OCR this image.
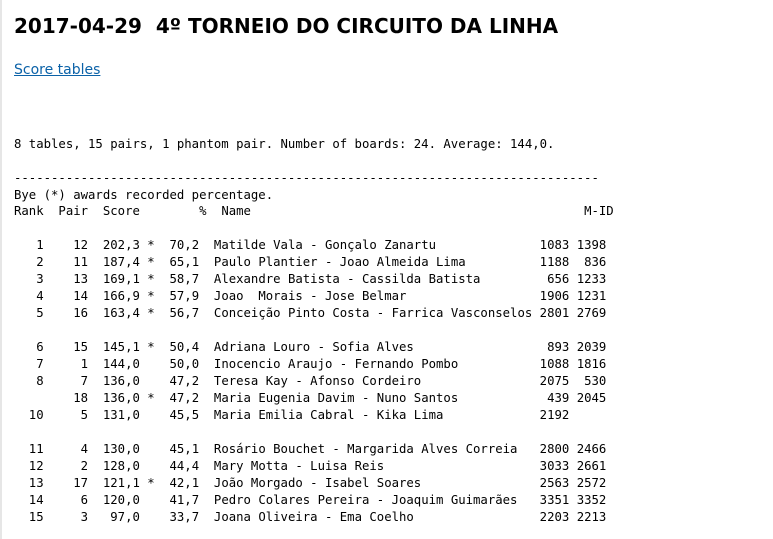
2017-04-29  4º TORNEIO DO CIRCUITO DA LINHA
Score tables

8 tables, 15 pairs, 1 phantom pair. Number of boards: 24. Average: 144,0.

Bye (*) awards recorded percentage.

-------------------------------------------------------------------------------
Rank  Pair  Score        %  Name                                             M-ID
1    12  202,3 *  70,2  Matilde Vala - Gonçalo Zanartu              1083 1398
2    11  187,4 *  65,1  Paulo Plantier - Joao Almeida Lima          1188  836
3    13  169,1 *  58,7  Alexandre Batista - Cassilda Batista         656 1233
4    14  166,9 *  57,9  Joao  Morais - Jose Belmar                  1906 1231
5    16  163,4 *  56,7  Conceição Pinto Costa - Farrica Vasconselos 2801 2769
6    15  145,1 *  50,4  Adriana Louro - Sofia Alves                  893 2039
7     1  144,0    50,0  Inocencio Araujo - Fernando Pombo           1088 1816
8     7  136,0    47,2  Teresa Kay - Afonso Cordeiro                2075  530
18  136,0 *  47,2  Maria Eugenia Davim - Nuno Santos            439 2045
10     5  131,0    45,5  Maria Emilia Cabral - Kika Lima             2192
11     4  130,0    45,1  Rosário Bouchet - Margarida Alves Correia   2800 2466
12     2  128,0    44,4  Mary Motta - Luisa Reis                     3033 2661
13    17  121,1 *  42,1  João Morgado - Isabel Soares                2563 2572
14     6  120,0    41,7  Pedro Colares Pereira - Joaquim Guimarães   3351 3352
15     3   97,0    33,7  Joana Oliveira - Ema Coelho                 2203 2213
